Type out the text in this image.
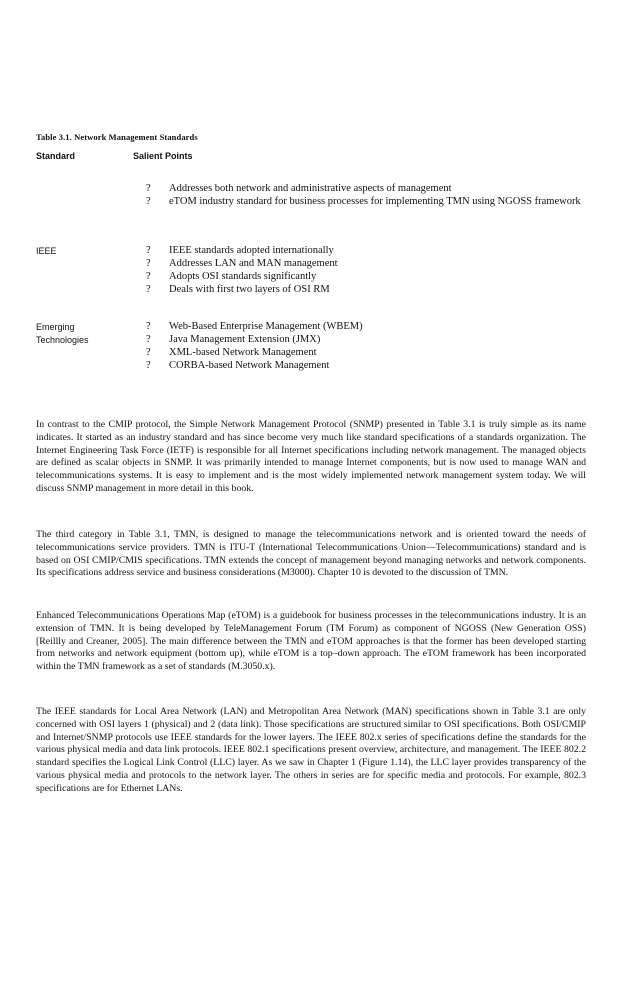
Table 3.1. Network Management Standards
Standard	Salient Points
? Addresses both network and administrative aspects of management
? eTOM industry standard for business processes for implementing TMN using NGOSS framework
IEEE	? IEEE standards adopted internationally
? Addresses LAN and MAN management
? Adopts OSI standards significantly
? Deals with first two layers of OSI RM
Emerging Technologies
? Web-Based Enterprise Management (WBEM)
? Java Management Extension (JMX)
? XML-based Network Management
? CORBA-based Network Management

In contrast to the CMIP protocol, the Simple Network Management Protocol (SNMP) presented in Table 3.1 is truly simple as its name indicates. It started as an industry standard and has since become very much like standard specifications of a standards organization. The Internet Engineering Task Force (IETF) is responsible for all Internet specifications including network management. The managed objects are defined as scalar objects in SNMP. It was primarily intended to manage Internet components, but is now used to manage WAN and telecommunications systems. It is easy to implement and is the most widely implemented network management system today. We will discuss SNMP management in more detail in this book.

The third category in Table 3.1, TMN, is designed to manage the telecommunications network and is oriented toward the needs of telecommunications service providers. TMN is ITU-T (International Telecommunications Union—Telecommunications) standard and is based on OSI CMIP/CMIS specifications. TMN extends the concept of management beyond managing networks and network components. Its specifications address service and business considerations (M3000). Chapter 10 is devoted to the discussion of TMN.

Enhanced Telecommunications Operations Map (eTOM) is a guidebook for business processes in the telecommunications industry. It is an extension of TMN. It is being developed by TeleManagement Forum (TM Forum) as component of NGOSS (New Generation OSS) [Reillly and Creaner, 2005]. The main difference between the TMN and eTOM approaches is that the former has been developed starting from networks and network equipment (bottom up), while eTOM is a top–down approach. The eTOM framework has been incorporated within the TMN framework as a set of standards (M.3050.x).

The IEEE standards for Local Area Network (LAN) and Metropolitan Area Network (MAN) specifications shown in Table 3.1 are only concerned with OSI layers 1 (physical) and 2 (data link). Those specifications are structured similar to OSI specifications. Both OSI/CMIP and Internet/SNMP protocols use IEEE standards for the lower layers. The IEEE 802.x series of specifications define the standards for the various physical media and data link protocols. IEEE 802.1 specifications present overview, architecture, and management. The IEEE 802.2 standard specifies the Logical Link Control (LLC) layer. As we saw in Chapter 1 (Figure 1.14), the LLC layer provides transparency of the various physical media and protocols to the network layer. The others in series are for specific media and protocols. For example, 802.3 specifications are for Ethernet LANs.
